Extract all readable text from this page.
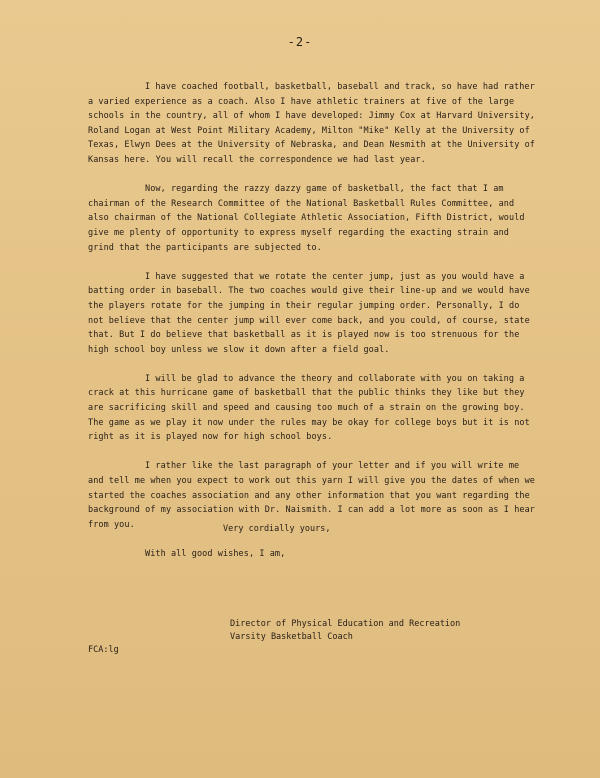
-2-

I have coached football, basketball, baseball and track, so have had rather a varied experience as a coach. Also I have athletic trainers at five of the large schools in the country, all of whom I have developed: Jimmy Cox at Harvard University, Roland Logan at West Point Military Academy, Milton "Mike" Kelly at the University of Texas, Elwyn Dees at the University of Nebraska, and Dean Nesmith at the University of Kansas here. You will recall the correspondence we had last year.

Now, regarding the razzy dazzy game of basketball, the fact that I am chairman of the Research Committee of the National Basketball Rules Committee, and also chairman of the National Collegiate Athletic Association, Fifth District, would give me plenty of opportunity to express myself regarding the exacting strain and grind that the participants are subjected to.

I have suggested that we rotate the center jump, just as you would have a batting order in baseball. The two coaches would give their line-up and we would have the players rotate for the jumping in their regular jumping order. Personally, I do not believe that the center jump will ever come back, and you could, of course, state that. But I do believe that basketball as it is played now is too strenuous for the high school boy unless we slow it down after a field goal.

I will be glad to advance the theory and collaborate with you on taking a crack at this hurricane game of basketball that the public thinks they like but they are sacrificing skill and speed and causing too much of a strain on the growing boy. The game as we play it now under the rules may be okay for college boys but it is not right as it is played now for high school boys.

I rather like the last paragraph of your letter and if you will write me and tell me when you expect to work out this yarn I will give you the dates of when we started the coaches association and any other information that you want regarding the background of my association with Dr. Naismith. I can add a lot more as soon as I hear from you.

With all good wishes, I am,

Very cordially yours,
Director of Physical Education and Recreation
Varsity Basketball Coach
FCA:lg
